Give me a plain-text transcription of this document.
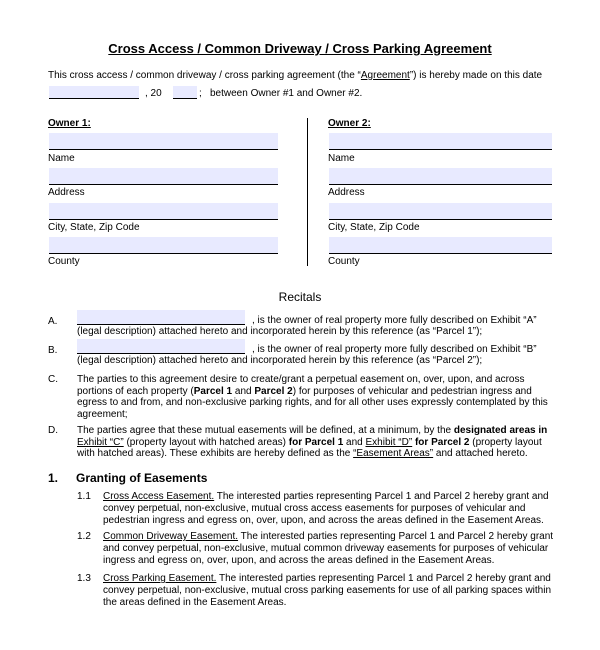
Cross Access / Common Driveway / Cross Parking Agreement
This cross access / common driveway / cross parking agreement (the “Agreement”) is hereby made on this date
, 20	; between Owner #1 and Owner #2.
Owner 1:
Name
Address
City, State, Zip Code
County
Owner 2:
Name
Address
City, State, Zip Code
County
Recitals
A.	, is the owner of real property more fully described on Exhibit “A”
(legal description) attached hereto and incorporated herein by this reference (as “Parcel 1”);
B.	, is the owner of real property more fully described on Exhibit “B”
(legal description) attached hereto and incorporated herein by this reference (as “Parcel 2”);
C. The parties to this agreement desire to create/grant a perpetual easement on, over, upon, and across portions of each property (Parcel 1 and Parcel 2) for purposes of vehicular and pedestrian ingress and egress to and from, and non-exclusive parking rights, and for all other uses expressly contemplated by this agreement;
D. The parties agree that these mutual easements will be defined, at a minimum, by the designated areas in Exhibit “C” (property layout with hatched areas) for Parcel 1 and Exhibit “D” for Parcel 2 (property layout with hatched areas). These exhibits are hereby defined as the “Easement Areas” and attached hereto.
1. Granting of Easements
1.1 Cross Access Easement. The interested parties representing Parcel 1 and Parcel 2 hereby grant and convey perpetual, non-exclusive, mutual cross access easements for purposes of vehicular and pedestrian ingress and egress on, over, upon, and across the areas defined in the Easement Areas.
1.2 Common Driveway Easement. The interested parties representing Parcel 1 and Parcel 2 hereby grant and convey perpetual, non-exclusive, mutual common driveway easements for purposes of vehicular ingress and egress on, over, upon, and across the areas defined in the Easement Areas.
1.3 Cross Parking Easement. The interested parties representing Parcel 1 and Parcel 2 hereby grant and convey perpetual, non-exclusive, mutual cross parking easements for use of all parking spaces within the areas defined in the Easement Areas.
